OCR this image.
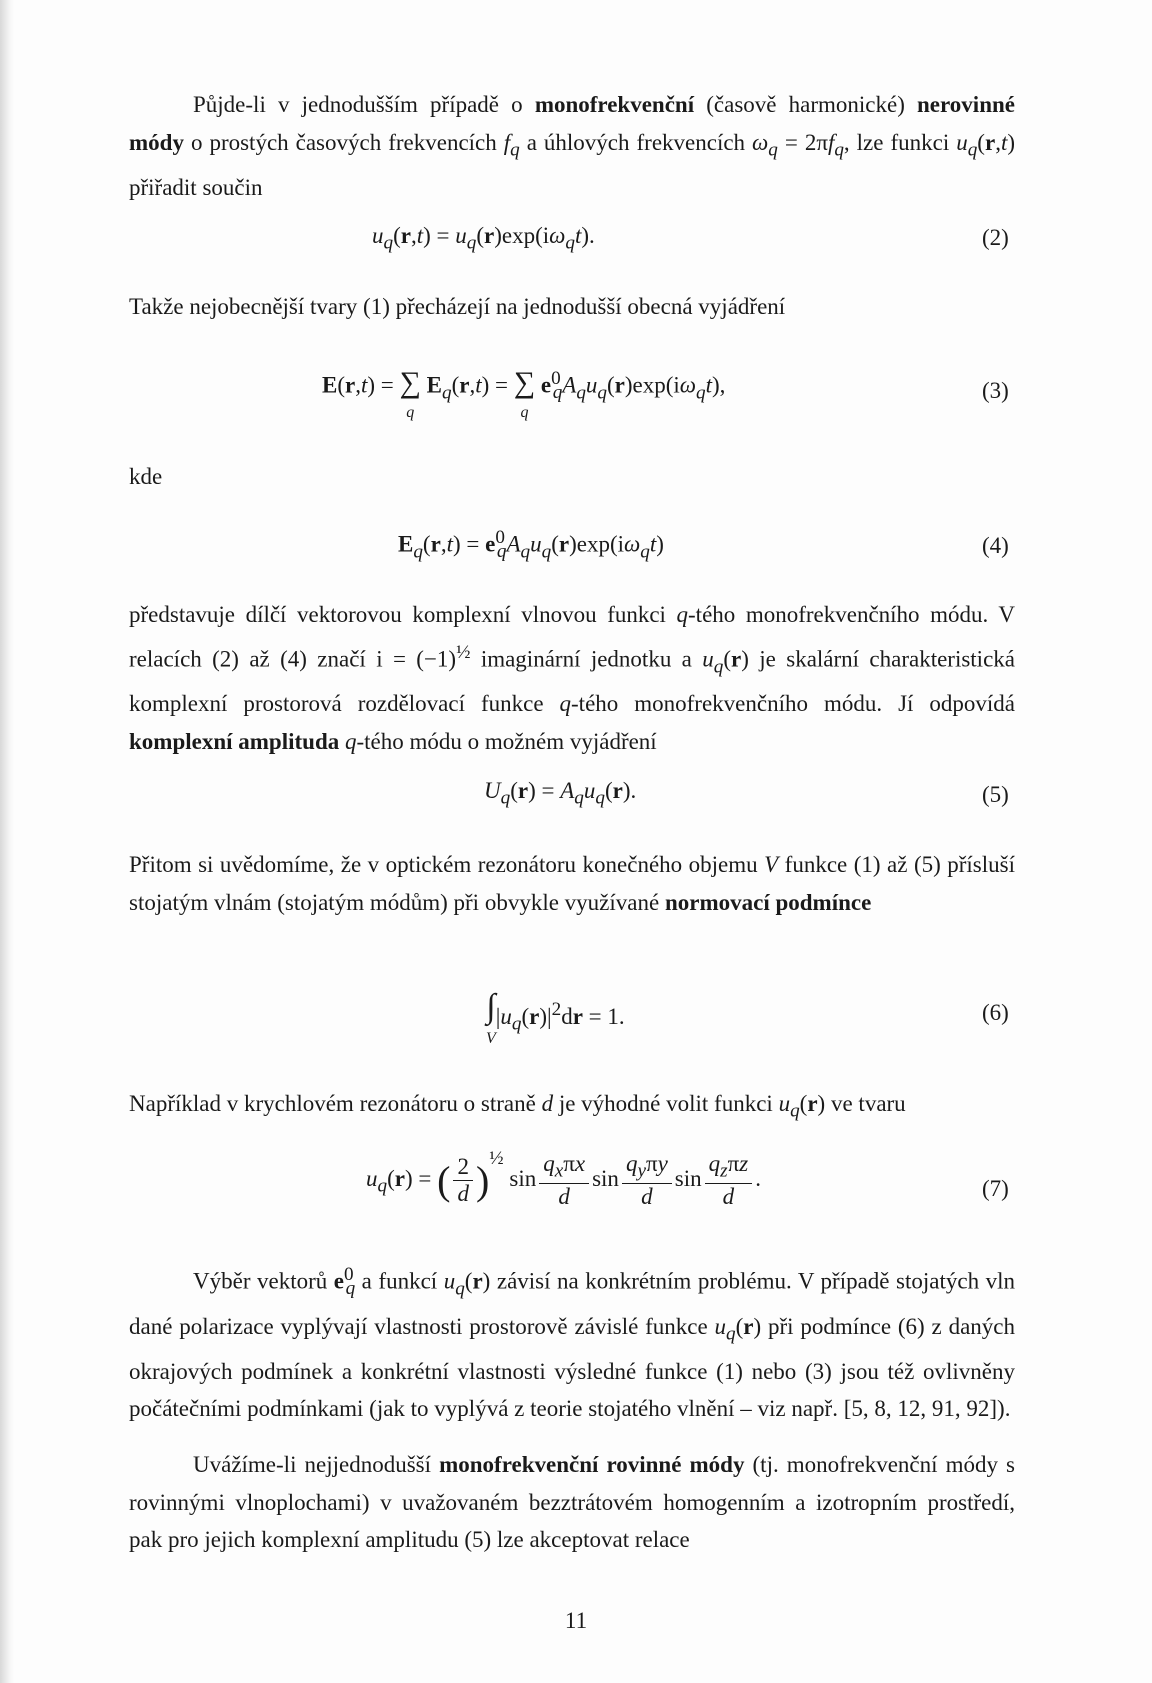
Půjde-li v jednodušším případě o monofrekvenční (časově harmonické) nerovinné módy o prostých časových frekvencích $f_q$ a úhlových frekvencích $\omega_q = 2\pi f_q$, lze funkci $u_q(r,t)$ přiřadit součin

$u_q(r,t) = u_q(r)\exp(i\omega_qt)$.	(2)

Takže nejobecnější tvary (1) přecházejí na jednodušší obecná vyjádření

E(r,t) = ∑
q $E_q(r,t)$ = ∑
q $e^0_qA_qu_q(r)\exp(i\omega_qt)$,	(3)

kde

$E_q(r,t) = e^0_qA_qu_q(r)\exp(i\omega_qt)$	(4)

představuje dílčí vektorovou komplexní vlnovou funkci q-tého monofrekvenčního módu. V relacích (2) až (4) značí $i = (-1)^{\frac{1}{2}}$ imaginární jednotku a $u_q(r)$ je skalární charakteristická komplexní prostorová rozdělovací funkce q-tého monofrekvenčního módu. Jí odpovídá komplexní amplituda q-tého módu o možném vyjádření

$U_q(r) = A_qu_q(r)$.	(5)

Přitom si uvědomíme, že v optickém rezonátoru konečného objemu V funkce (1) až (5) přísluší stojatým vlnám (stojatým módům) při obvykle využívané normovací podmínce

∫
$V|u_q(r)|^2dr = 1$.	(6)

Například v krychlovém rezonátoru o straně d je výhodné volit funkci $u_q(r)$ ve tvaru

$u_q(r)$ = ( $\frac{2}{d} )^{\frac{1}{2}}$ $\sin \frac{q_x\pi x}{d}$ $\sin \frac{q_y\pi y}{d}$ $\sin \frac{q_z\pi z}{d}$ .	(7)

Výběr vektorů $e^0_q$ a funkcí $u_q(r)$ závisí na konkrétním problému. V případě stojatých vln dané polarizace vyplývají vlastnosti prostorově závislé funkce $u_q(r)$ při podmínce (6) z daných okrajových podmínek a konkrétní vlastnosti výsledné funkce (1) nebo (3) jsou též ovlivněny počátečními podmínkami (jak to vyplývá z teorie stojatého vlnění – viz např. [5, 8, 12, 91, 92]).

Uvážíme-li nejjednodušší monofrekvenční rovinné módy (tj. monofrekvenční módy s rovinnými vlnoplochami) v uvažovaném bezztrátovém homogenním a izotropním prostředí, pak pro jejich komplexní amplitudu (5) lze akceptovat relace

11
